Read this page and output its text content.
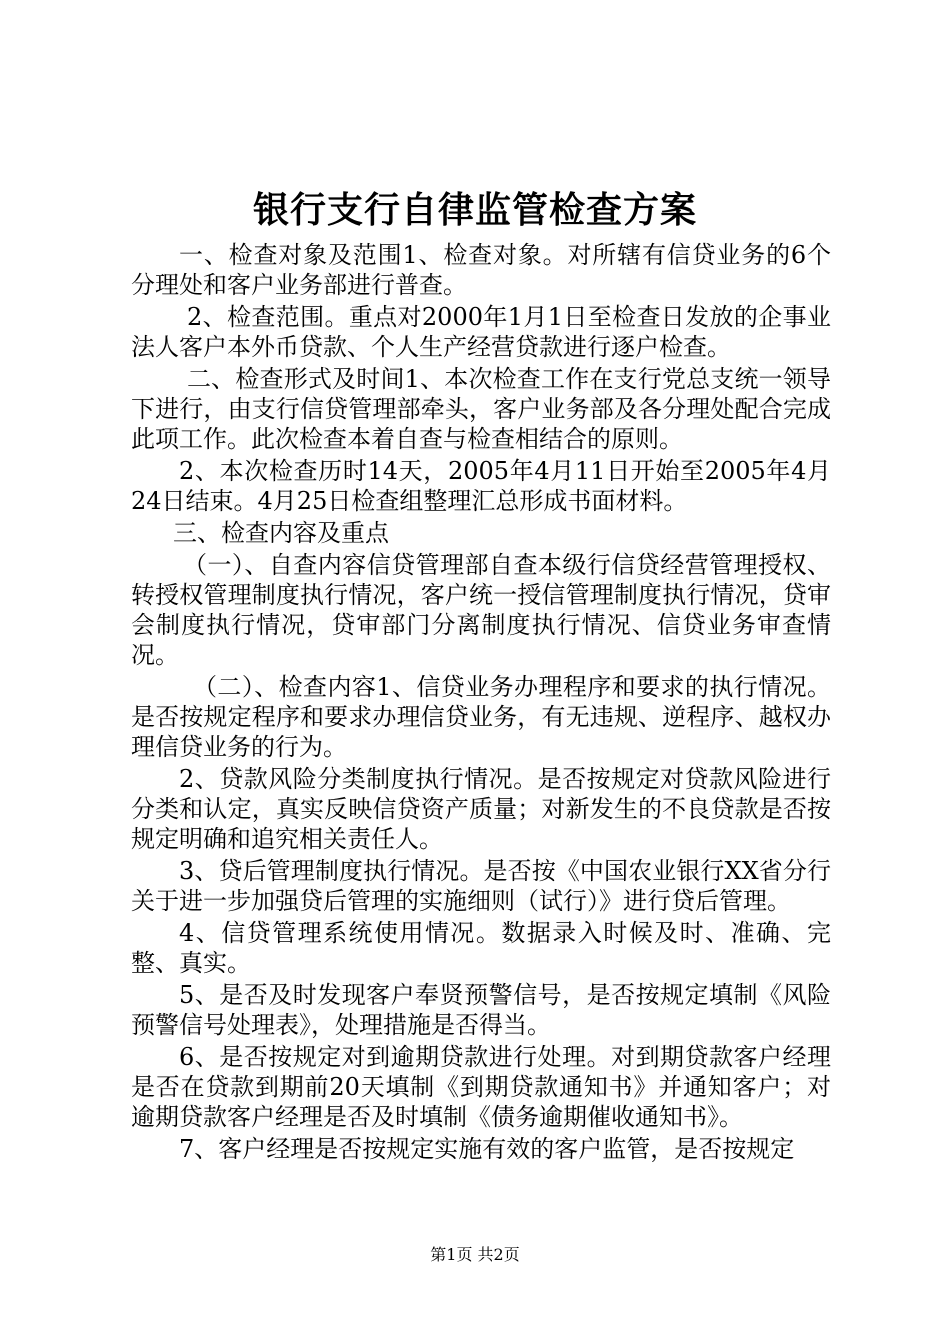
银行支行自律监管检查方案

一、检查对象及范围1、检查对象。对所辖有信贷业务的6个分理处和客户业务部进行普查。

2、检查范围。重点对2000年1月1日至检查日发放的企事业法人客户本外币贷款、个人生产经营贷款进行逐户检查。

二、检查形式及时间1、本次检查工作在支行党总支统一领导下进行，由支行信贷管理部牵头，客户业务部及各分理处配合完成此项工作。此次检查本着自查与检查相结合的原则。

2、本次检查历时14天，2005年4月11日开始至2005年4月24日结束。4月25日检查组整理汇总形成书面材料。

三、检查内容及重点

（一）、自查内容信贷管理部自查本级行信贷经营管理授权、转授权管理制度执行情况，客户统一授信管理制度执行情况，贷审会制度执行情况，贷审部门分离制度执行情况、信贷业务审查情况。

（二）、检查内容1、信贷业务办理程序和要求的执行情况。是否按规定程序和要求办理信贷业务，有无违规、逆程序、越权办理信贷业务的行为。

2、贷款风险分类制度执行情况。是否按规定对贷款风险进行分类和认定，真实反映信贷资产质量；对新发生的不良贷款是否按规定明确和追究相关责任人。

3、贷后管理制度执行情况。是否按《中国农业银行XX省分行关于进一步加强贷后管理的实施细则（试行）》进行贷后管理。

4、信贷管理系统使用情况。数据录入时候及时、准确、完整、真实。

5、是否及时发现客户奉贤预警信号，是否按规定填制《风险预警信号处理表》，处理措施是否得当。

6、是否按规定对到逾期贷款进行处理。对到期贷款客户经理是否在贷款到期前20天填制《到期贷款通知书》并通知客户；对逾期贷款客户经理是否及时填制《债务逾期催收通知书》。

7、客户经理是否按规定实施有效的客户监管，是否按规定

第1页 共2页
